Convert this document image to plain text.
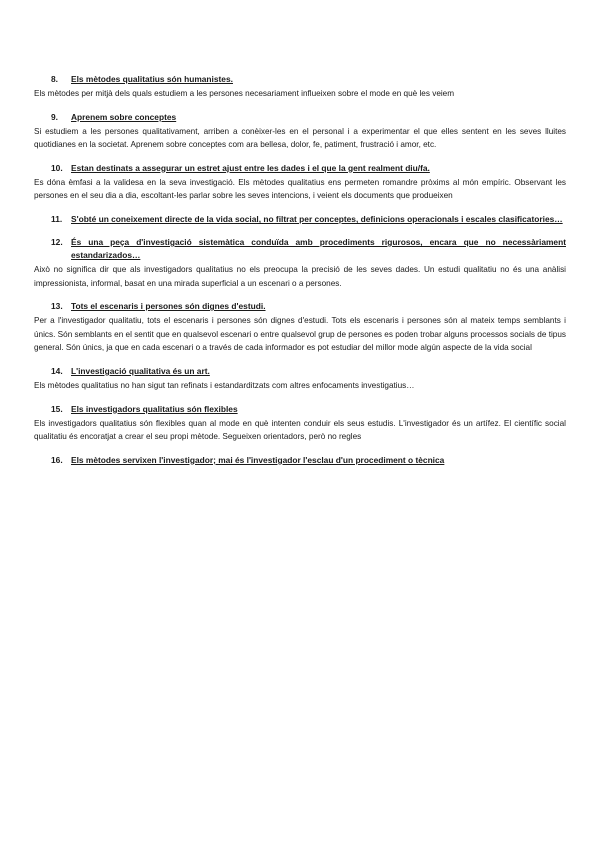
8.	Els mètodes qualitatius són humanistes.
Els mètodes per mitjà dels quals estudiem a les persones necesariament influeixen sobre el mode en què les veiem
9.	Aprenem sobre conceptes
Si estudiem a les persones qualitativament, arriben a conèixer-les en el personal i a experimentar el que elles sentent en les seves lluites quotidianes en la societat. Aprenem sobre conceptes com ara bellesa, dolor, fe, patiment, frustració i amor, etc.
10. Estan destinats a assegurar un estret ajust entre les dades i el que la gent realment diu/fa.
Es dóna èmfasi a la validesa en la seva investigació. Els mètodes qualitatius ens permeten romandre pròxims al món empíric. Observant les persones en el seu dia a dia, escoltant-les parlar sobre les seves intencions, i veient els documents que produeixen
11.	S'obté un coneixement directe de la vida social, no filtrat per conceptes, definicions operacionals i escales clasificatories…
12. És una peça d'investigació sistemàtica conduïda amb procediments rigurosos, encara que no necessàriament estandarizados…
Això no significa dir que als investigadors qualitatius no els preocupa la precisió de les seves dades. Un estudi qualitatiu no és una anàlisi impressionista, informal, basat en una mirada superficial a un escenari o a persones.
13. Tots el escenaris i persones són dignes d'estudi.
Per a l'investigador qualitatiu, tots el escenaris i persones són dignes d'estudi. Tots els escenaris i persones són al mateix temps semblants i únics. Són semblants en el sentit que en qualsevol escenari o entre qualsevol grup de persones es poden trobar alguns processos socials de tipus general. Són únics, ja que en cada escenari o a través de cada informador es pot estudiar del millor mode algún aspecte de la vida social
14. L'investigació qualitativa és un art.
Els mètodes qualitatius no han sigut tan refinats i estandarditzats com altres enfocaments investigatius…
15. Els investigadors qualitatius són flexibles
Els investigadors qualitatius són flexibles quan al mode en què intenten conduir els seus estudis. L'investigador és un artífez. El científic social qualitatiu és encoratjat a crear el seu propi mètode. Segueixen orientadors, però no regles
16. Els mètodes servixen l'investigador; mai és l'investigador l'esclau d'un procediment o tècnica
